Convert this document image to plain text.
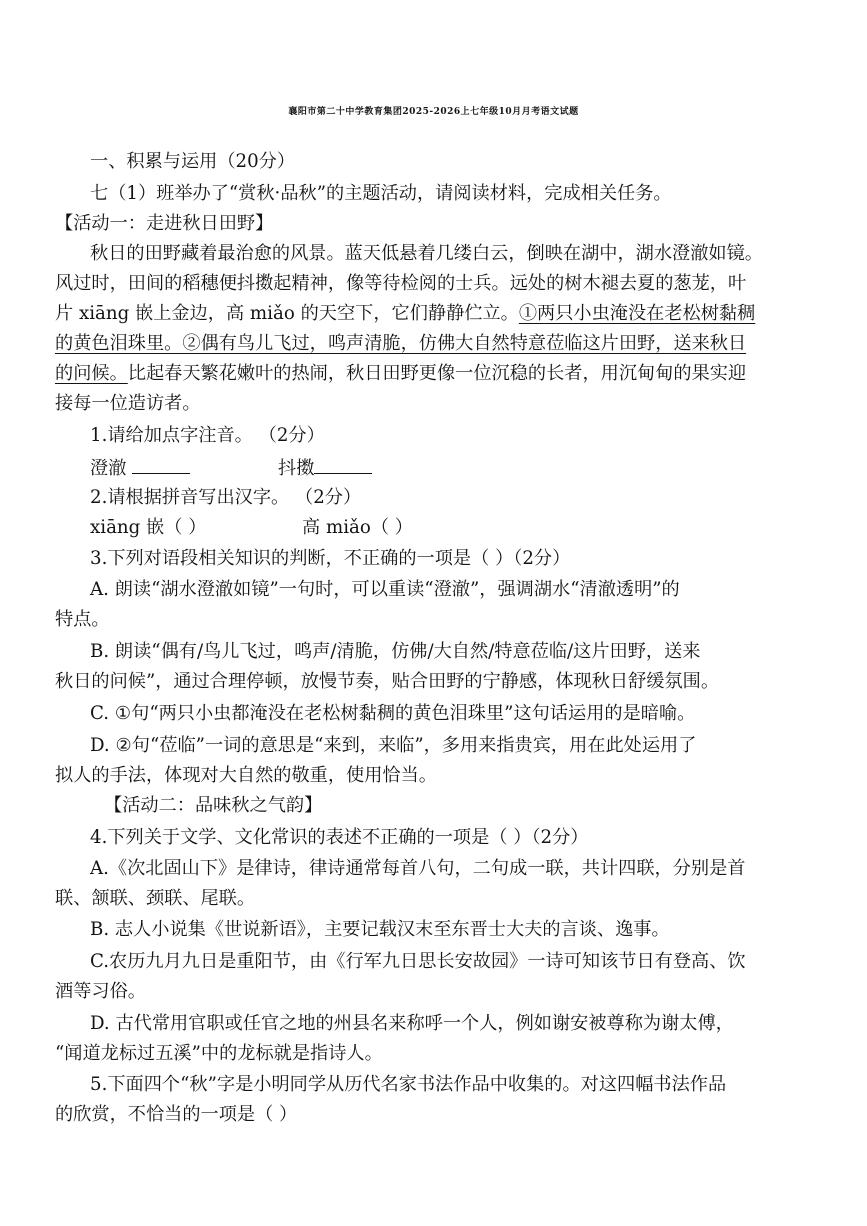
襄阳市第二十中学教育集团2025-2026上七年级10月月考语文试题
一、积累与运用（20分）
七（1）班举办了“赏秋·品秋”的主题活动，请阅读材料，完成相关任务。
【活动一：走进秋日田野】
秋日的田野藏着最治愈的风景。蓝天低悬着几缕白云，倒映在湖中，湖水澄澈如镜。
风过时，田间的稻穗便抖擞起精神，像等待检阅的士兵。远处的树木褪去夏的葱茏，叶
片 xiāng 嵌上金边，高 miǎo 的天空下，它们静静伫立。①两只小虫淹没在老松树黏稠
的黄色泪珠里。②偶有鸟儿飞过，鸣声清脆，仿佛大自然特意莅临这片田野，送来秋日
的问候。比起春天繁花嫩叶的热闹，秋日田野更像一位沉稳的长者，用沉甸甸的果实迎
接每一位造访者。
1.请给加点字注音。 （2分）
澄澈	抖擞
2.请根据拼音写出汉字。 （2分）
xiāng 嵌（ ）	高 miǎo（ ）
3.下列对语段相关知识的判断，不正确的一项是（ ）（2分）
A. 朗读“湖水澄澈如镜”一句时，可以重读“澄澈”，强调湖水“清澈透明”的
特点。
B. 朗读“偶有/鸟儿飞过，鸣声/清脆，仿佛/大自然/特意莅临/这片田野，送来
秋日的问候”，通过合理停顿，放慢节奏，贴合田野的宁静感，体现秋日舒缓氛围。
C. ①句“两只小虫都淹没在老松树黏稠的黄色泪珠里”这句话运用的是暗喻。
D. ②句“莅临”一词的意思是“来到，来临”，多用来指贵宾，用在此处运用了
拟人的手法，体现对大自然的敬重，使用恰当。
【活动二：品味秋之气韵】
4.下列关于文学、文化常识的表述不正确的一项是（ ）（2分）
A.《次北固山下》是律诗，律诗通常每首八句，二句成一联，共计四联，分别是首
联、颔联、颈联、尾联。
B. 志人小说集《世说新语》，主要记载汉末至东晋士大夫的言谈、逸事。
C.农历九月九日是重阳节，由《行军九日思长安故园》一诗可知该节日有登高、饮
酒等习俗。
D. 古代常用官职或任官之地的州县名来称呼一个人，例如谢安被尊称为谢太傅，
“闻道龙标过五溪”中的龙标就是指诗人。
5.下面四个“秋”字是小明同学从历代名家书法作品中收集的。对这四幅书法作品
的欣赏，不恰当的一项是（ ）
